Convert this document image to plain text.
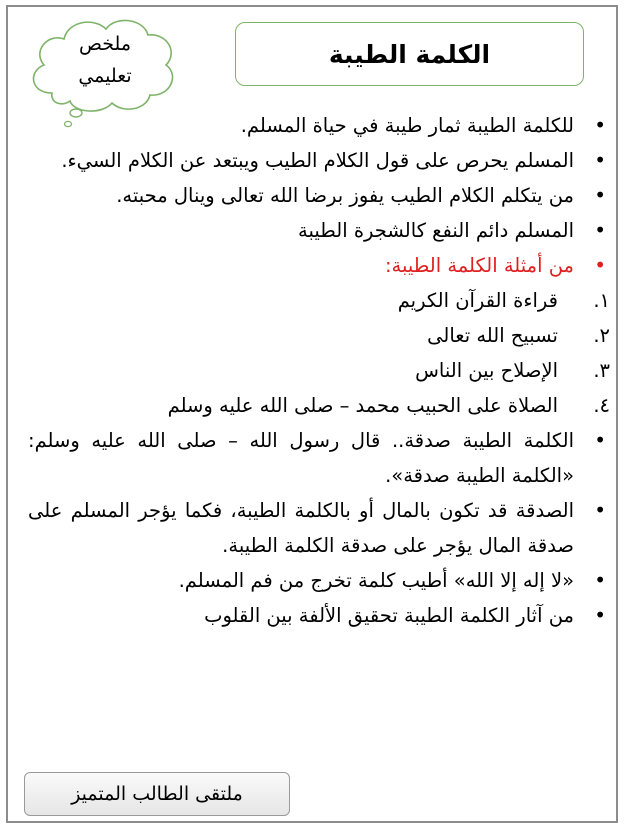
ملخص
تعليمي
الكلمة الطيبة
•
للكلمة الطيبة ثمار طيبة في حياة المسلم.
•
المسلم يحرص على قول الكلام الطيب ويبتعد عن الكلام السيء.
•
من يتكلم الكلام الطيب يفوز برضا الله تعالى وينال محبته.
•
المسلم دائم النفع كالشجرة الطيبة
•
من أمثلة الكلمة الطيبة:
١.
قراءة القرآن الكريم
٢.
تسبيح الله تعالى
٣.
الإصلاح بين الناس
٤.
الصلاة على الحبيب محمد – صلى الله عليه وسلم
•
الكلمة الطيبة صدقة.. قال رسول الله – صلى الله عليه وسلم: «الكلمة الطيبة صدقة».
•
الصدقة قد تكون بالمال أو بالكلمة الطيبة، فكما يؤجر المسلم على صدقة المال يؤجر على صدقة الكلمة الطيبة.
•
«لا إله إلا الله» أطيب كلمة تخرج من فم المسلم.
•
من آثار الكلمة الطيبة تحقيق الألفة بين القلوب
ملتقى الطالب المتميز
